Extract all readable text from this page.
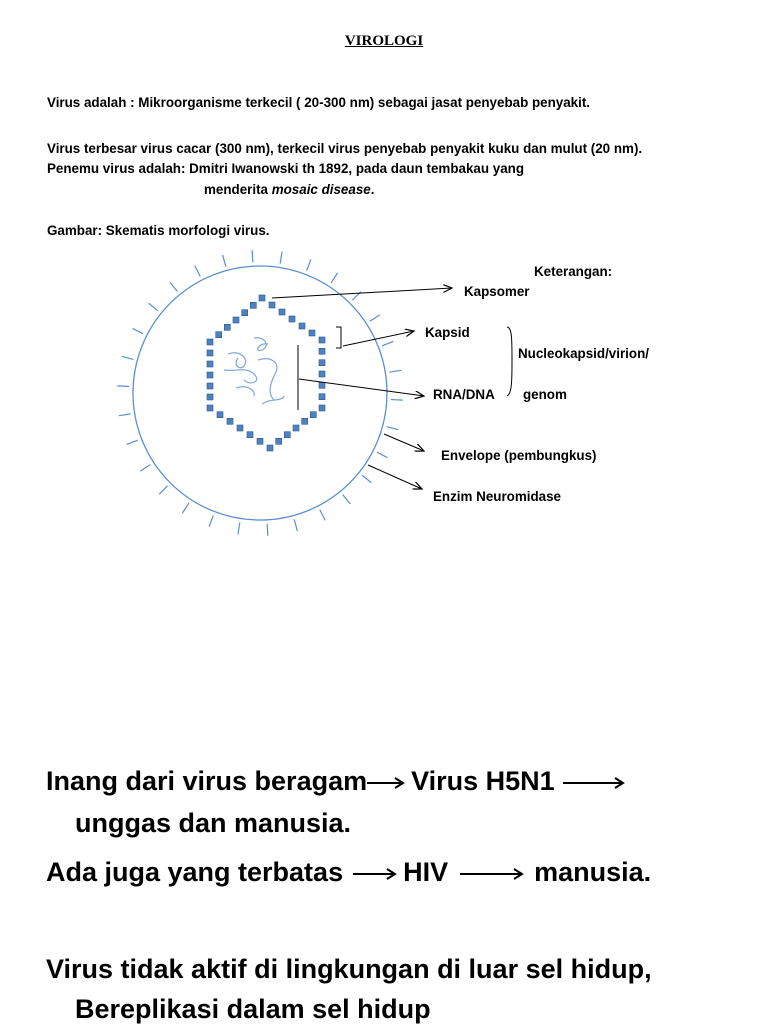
VIROLOGI
Virus adalah : Mikroorganisme terkecil ( 20-300 nm) sebagai jasat penyebab penyakit.
Virus terbesar virus cacar (300 nm), terkecil virus penyebab penyakit kuku dan mulut (20 nm).
Penemu virus adalah: Dmitri Iwanowski th 1892, pada daun tembakau yang
menderita mosaic disease.
Gambar: Skematis morfologi virus.
Keterangan:
Kapsomer
Kapsid
Nucleokapsid/virion/
RNA/DNA genom
Envelope (pembungkus)
Enzim Neuromidase
Inang dari virus beragam Virus H5N1
unggas dan manusia.
Ada juga yang terbatas HIV	manusia.
Virus tidak aktif di lingkungan di luar sel hidup,
Bereplikasi dalam sel hidup
